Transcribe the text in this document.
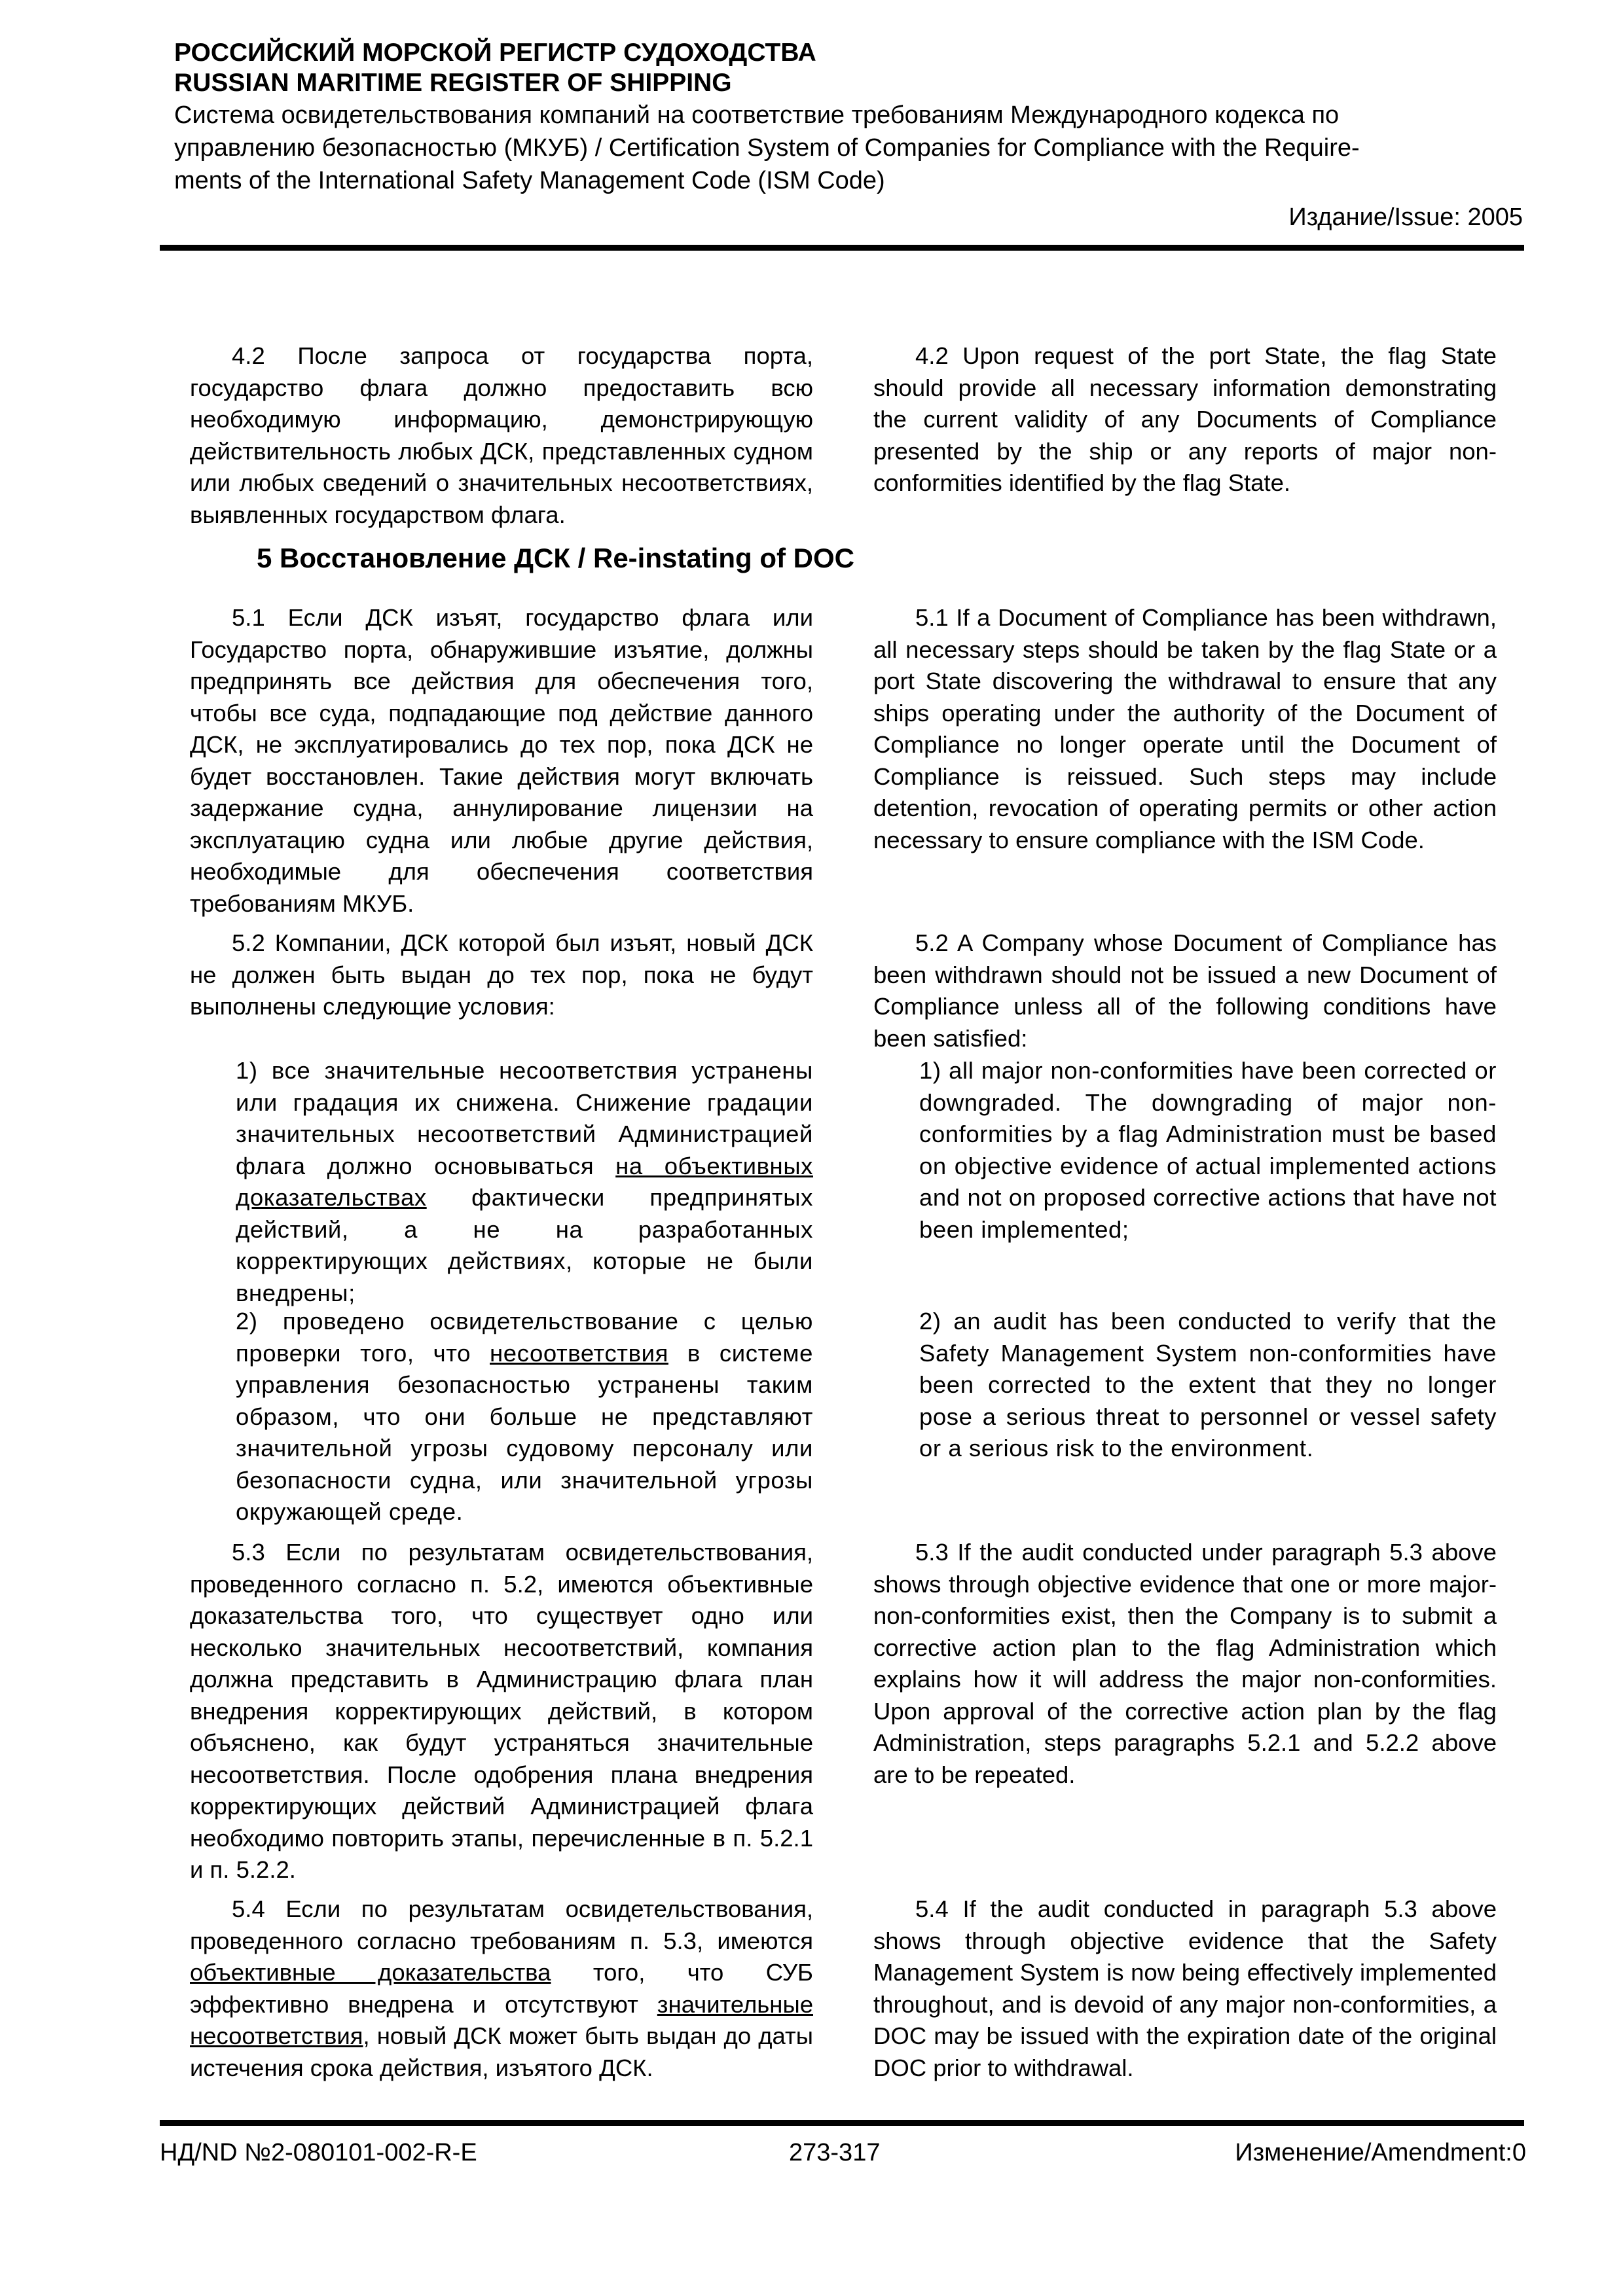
РОССИЙСКИЙ МОРСКОЙ РЕГИСТР СУДОХОДСТВА
RUSSIAN MARITIME REGISTER OF SHIPPING
Система освидетельствования компаний на соответствие требованиям Международного кодекса по
управлению безопасностью (МКУБ) / Certification System of Companies for Compliance with the Require-
ments of the International Safety Management Code (ISM Code)
Издание/Issue: 2005

4.2 После запроса от государства порта, государство флага должно предоставить всю необходимую информацию, демонстрирующую действительность любых ДСК, представленных судном или любых сведений о значительных несоответствиях, выявленных государством флага.

5 Восстановление ДСК / Re-instating of DOC

5.1 Если ДСК изъят, государство флага или Государство порта, обнаружившие изъятие, должны предпринять все действия для обеспечения того, чтобы все суда, подпадающие под действие данного ДСК, не эксплуатировались до тех пор, пока ДСК не будет восстановлен. Такие действия могут включать задержание судна, аннулирование лицензии на эксплуатацию судна или любые другие действия, необходимые для обеспечения соответствия требованиям МКУБ.

5.2 Компании, ДСК которой был изъят, новый ДСК не должен быть выдан до тех пор, пока не будут выполнены следующие условия:

1) все значительные несоответствия устранены или градация их снижена. Снижение градации значительных несоответствий Администрацией флага должно основываться на объективных доказательствах фактически предпринятых действий, а не на разработанных корректирующих действиях, которые не были внедрены;

2) проведено освидетельствование с целью проверки того, что несоответствия в системе управления безопасностью устранены таким образом, что они больше не представляют значительной угрозы судовому персоналу или безопасности судна, или значительной угрозы окружающей среде.

5.3 Если по результатам освидетельствования, проведенного согласно п. 5.2, имеются объективные доказательства того, что существует одно или несколько значительных несоответствий, компания должна представить в Администрацию флага план внедрения корректирующих действий, в котором объяснено, как будут устраняться значительные несоответствия. После одобрения плана внедрения корректирующих действий Администрацией флага необходимо повторить этапы, перечисленные в п. 5.2.1 и п. 5.2.2.

5.4 Если по результатам освидетельствования, проведенного согласно требованиям п. 5.3, имеются объективные доказательства того, что СУБ эффективно внедрена и отсутствуют значительные несоответствия, новый ДСК может быть выдан до даты истечения срока действия, изъятого ДСК.

4.2 Upon request of the port State, the flag State should provide all necessary information demonstrating the current validity of any Documents of Compliance presented by the ship or any reports of major non-conformities identified by the flag State.

5.1 If a Document of Compliance has been withdrawn, all necessary steps should be taken by the flag State or a port State discovering the withdrawal to ensure that any ships operating under the authority of the Document of Compliance no longer operate until the Document of Compliance is reissued. Such steps may include detention, revocation of operating permits or other action necessary to ensure compliance with the ISM Code.

5.2 A Company whose Document of Compliance has been withdrawn should not be issued a new Document of Compliance unless all of the following conditions have been satisfied:

1) all major non-conformities have been corrected or downgraded. The downgrading of major non-conformities by a flag Administration must be based on objective evidence of actual implemented actions and not on proposed corrective actions that have not been implemented;

2) an audit has been conducted to verify that the Safety Management System non-conformities have been corrected to the extent that they no longer pose a serious threat to personnel or vessel safety or a serious risk to the environment.

5.3 If the audit conducted under paragraph 5.3 above shows through objective evidence that one or more major-non-conformities exist, then the Company is to submit a corrective action plan to the flag Administration which explains how it will address the major non-conformities. Upon approval of the corrective action plan by the flag Administration, steps paragraphs 5.2.1 and 5.2.2 above are to be repeated.

5.4 If the audit conducted in paragraph 5.3 above shows through objective evidence that the Safety Management System is now being effectively implemented throughout, and is devoid of any major non-conformities, a DOC may be issued with the expiration date of the original DOC prior to withdrawal.

НД/ND №2-080101-002-R-E	273-317	Изменение/Amendment:0
